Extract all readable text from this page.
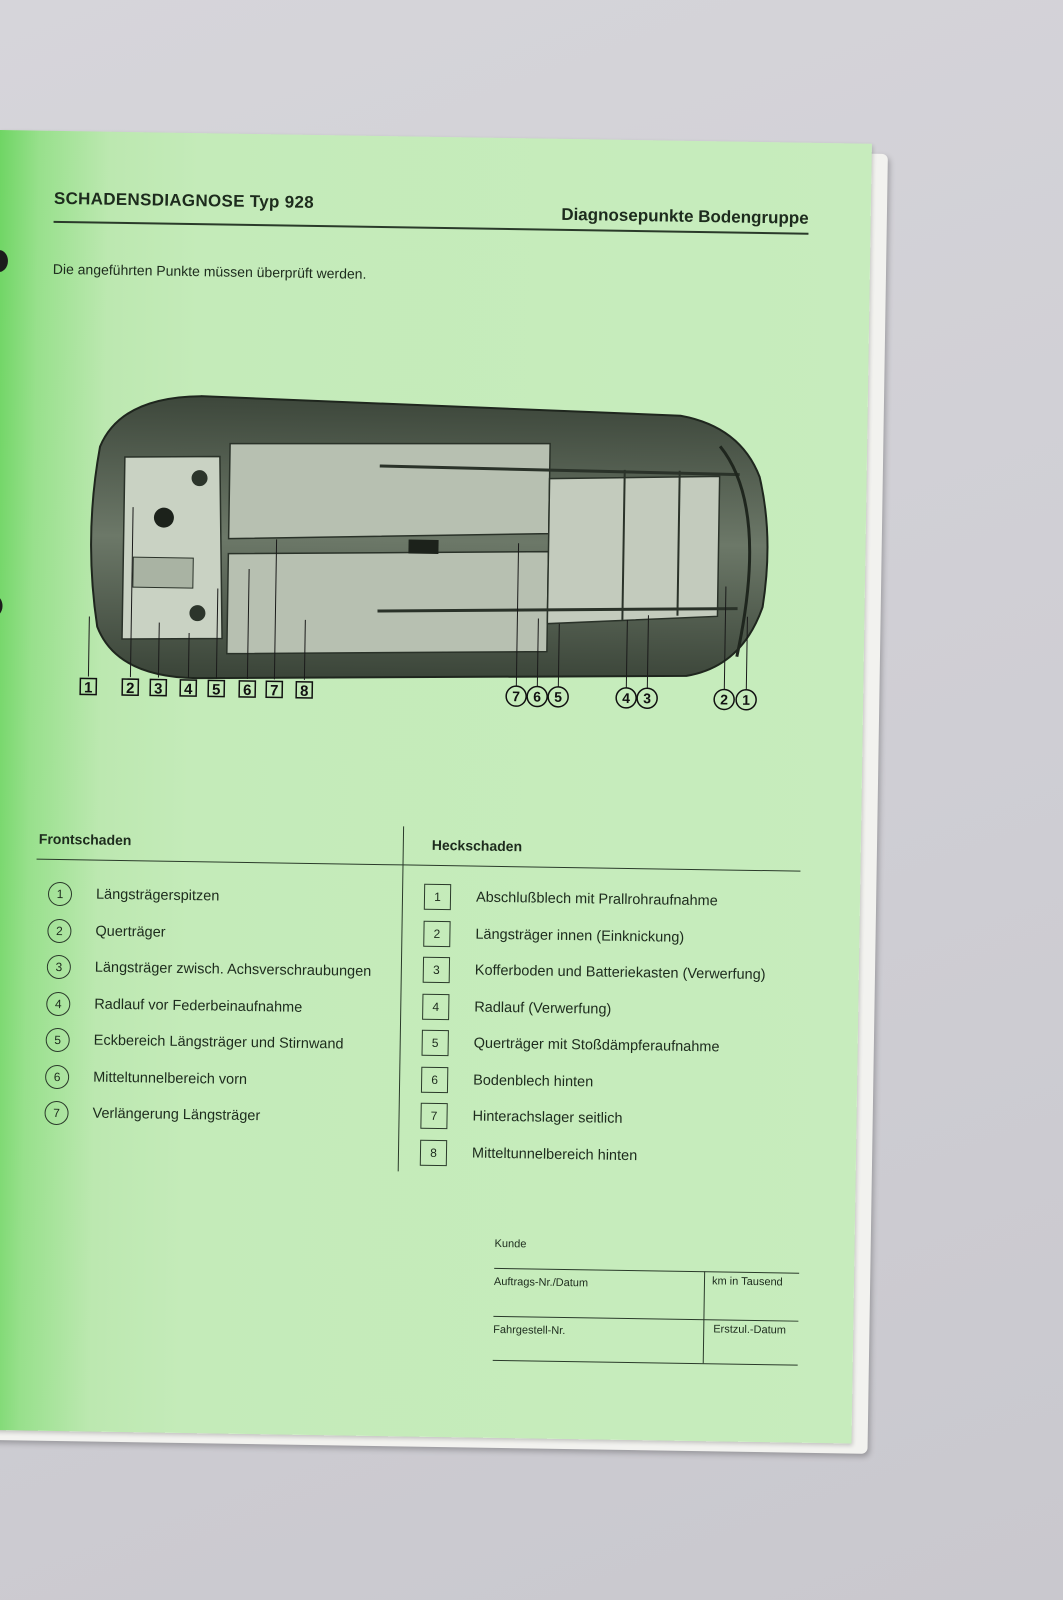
SCHADENSDIAGNOSE Typ 928
Diagnosepunkte Bodengruppe
Die angeführten Punkte müssen überprüft werden.
1 2 3 4 5 6 7 8	7 6 5	4 3	2 1
Frontschaden	Heckschaden
1	Längsträgerspitzen
2	Querträger
3	Längsträger zwisch. Achsverschraubungen
4	Radlauf vor Federbeinaufnahme
5	Eckbereich Längsträger und Stirnwand
6	Mitteltunnelbereich vorn
7	Verlängerung Längsträger
1	Abschlußblech mit Prallrohraufnahme
2	Längsträger innen (Einknickung)
3	Kofferboden und Batteriekasten (Verwerfung)
4	Radlauf (Verwerfung)
5	Querträger mit Stoßdämpferaufnahme
6	Bodenblech hinten
7	Hinterachslager seitlich
8	Mitteltunnelbereich hinten
Kunde
Auftrags-Nr./Datum	km in Tausend
Fahrgestell-Nr.	Erstzul.-Datum
